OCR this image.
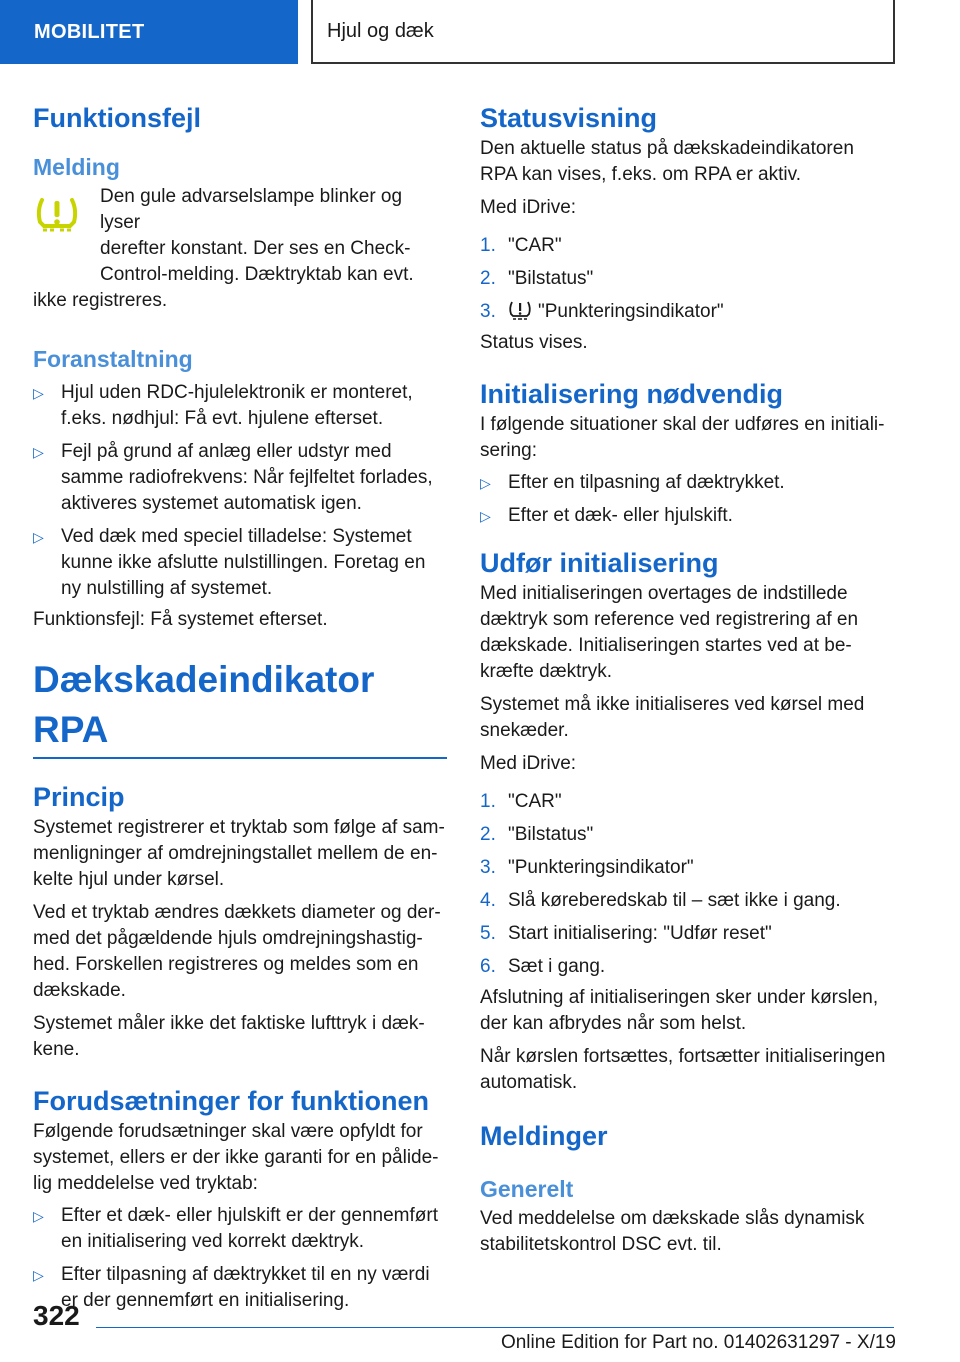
MOBILITET	Hjul og dæk
Funktionsfejl
Melding

Den gule advarselslampe blinker og lyser

derefter konstant. Der ses en Check-

Control-melding. Dæktryktab kan evt.

ikke registreres.

Foranstaltning
▷ Hjul uden RDC-hjulelektronik er monteret,
f.eks. nødhjul: Få evt. hjulene efterset.
▷ Fejl på grund af anlæg eller udstyr med
samme radiofrekvens: Når fejlfeltet forlades,
aktiveres systemet automatisk igen.
▷ Ved dæk med speciel tilladelse: Systemet
kunne ikke afslutte nulstillingen. Foretag en
ny nulstilling af systemet.

Funktionsfejl: Få systemet efterset.

Dækskadeindikator RPA
Princip

Systemet registrerer et tryktab som følge af sam-

menligninger af omdrejningstallet mellem de en-

kelte hjul under kørsel.

Ved et tryktab ændres dækkets diameter og der-

med det pågældende hjuls omdrejningshastig-

hed. Forskellen registreres og meldes som en

dækskade.

Systemet måler ikke det faktiske lufttryk i dæk-

kene.

Forudsætninger for funktionen

Følgende forudsætninger skal være opfyldt for

systemet, ellers er der ikke garanti for en pålide-

lig meddelelse ved tryktab:

▷ Efter et dæk- eller hjulskift er der gennemført
en initialisering ved korrekt dæktryk.
▷ Efter tilpasning af dæktrykket til en ny værdi
er der gennemført en initialisering.
Statusvisning

Den aktuelle status på dækskadeindikatoren

RPA kan vises, f.eks. om RPA er aktiv.

Med iDrive:

1. "CAR"
2. "Bilstatus"
3. "Punkteringsindikator"

Status vises.

Initialisering nødvendig

I følgende situationer skal der udføres en initiali-

sering:

▷ Efter en tilpasning af dæktrykket.
▷ Efter et dæk- eller hjulskift.
Udfør initialisering

Med initialiseringen overtages de indstillede

dæktryk som reference ved registrering af en

dækskade. Initialiseringen startes ved at be-

kræfte dæktryk.

Systemet må ikke initialiseres ved kørsel med

snekæder.

Med iDrive:

1. "CAR"
2. "Bilstatus"
3. "Punkteringsindikator"
4. Slå køreberedskab til – sæt ikke i gang.
5. Start initialisering: "Udfør reset"
6. Sæt i gang.

Afslutning af initialiseringen sker under kørslen,

der kan afbrydes når som helst.

Når kørslen fortsættes, fortsætter initialiseringen

automatisk.

Meldinger
Generelt

Ved meddelelse om dækskade slås dynamisk

stabilitetskontrol DSC evt. til.

322
Online Edition for Part no. 01402631297 - X/19
